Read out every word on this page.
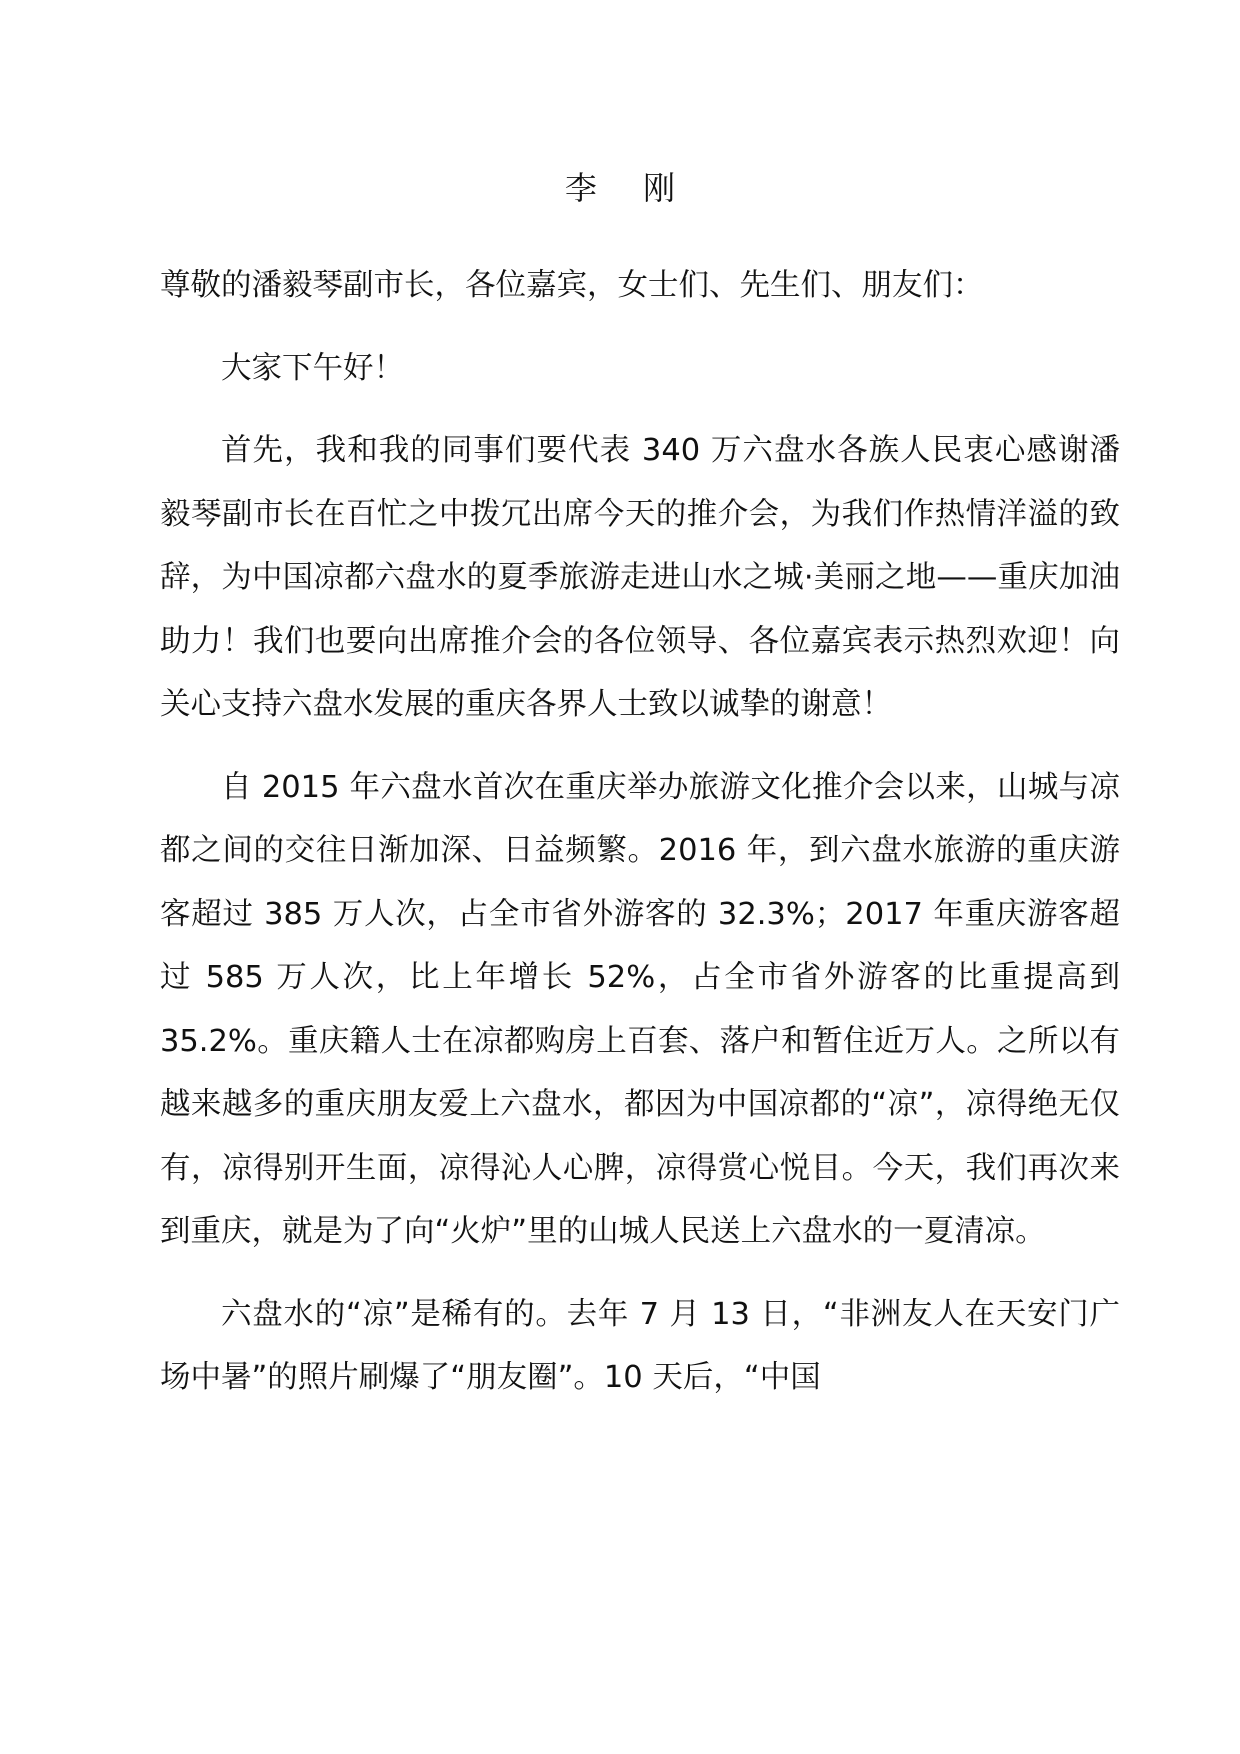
李 刚

尊敬的潘毅琴副市长，各位嘉宾，女士们、先生们、朋友们：

大家下午好！

首先，我和我的同事们要代表 340 万六盘水各族人民衷心感谢潘毅琴副市长在百忙之中拨冗出席今天的推介会，为我们作热情洋溢的致辞，为中国凉都六盘水的夏季旅游走进山水之城·美丽之地——重庆加油助力！我们也要向出席推介会的各位领导、各位嘉宾表示热烈欢迎！向关心支持六盘水发展的重庆各界人士致以诚挚的谢意！

自 2015 年六盘水首次在重庆举办旅游文化推介会以来，山城与凉都之间的交往日渐加深、日益频繁。2016 年，到六盘水旅游的重庆游客超过 385 万人次，占全市省外游客的 32.3%；2017 年重庆游客超过 585 万人次，比上年增长 52%，占全市省外游客的比重提高到 35.2%。重庆籍人士在凉都购房上百套、落户和暂住近万人。之所以有越来越多的重庆朋友爱上六盘水，都因为中国凉都的“凉”，凉得绝无仅有，凉得别开生面，凉得沁人心脾，凉得赏心悦目。今天，我们再次来到重庆，就是为了向“火炉”里的山城人民送上六盘水的一夏清凉。

六盘水的“凉”是稀有的。去年 7 月 13 日，“非洲友人在天安门广场中暑”的照片刷爆了“朋友圈”。10 天后，“中国
